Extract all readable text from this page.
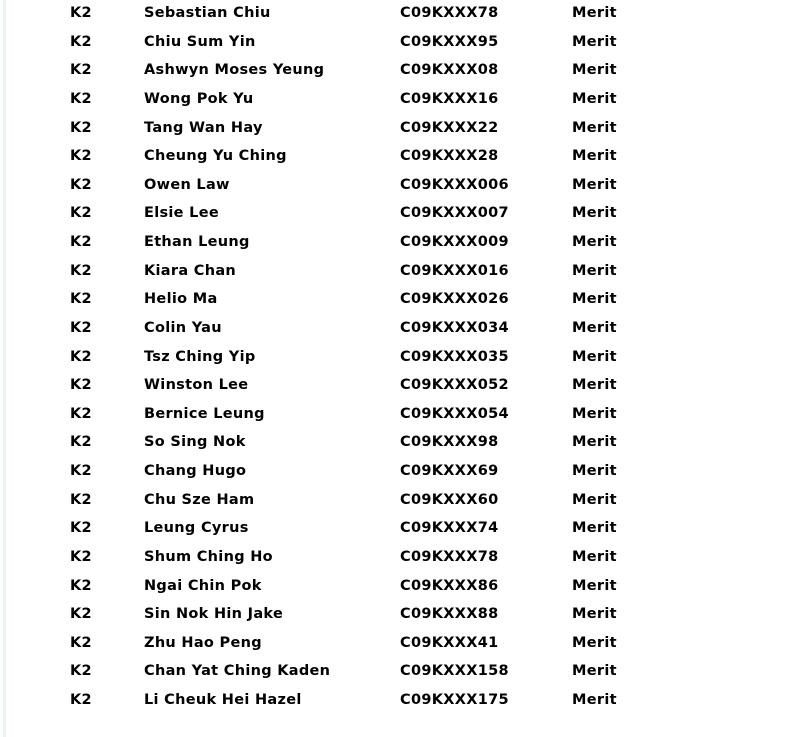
K2	Sebastian Chiu	C09KXXX78	Merit
K2	Chiu Sum Yin	C09KXXX95	Merit
K2	Ashwyn Moses Yeung	C09KXXX08	Merit
K2	Wong Pok Yu	C09KXXX16	Merit
K2	Tang Wan Hay	C09KXXX22	Merit
K2	Cheung Yu Ching	C09KXXX28	Merit
K2	Owen Law	C09KXXX006	Merit
K2	Elsie Lee	C09KXXX007	Merit
K2	Ethan Leung	C09KXXX009	Merit
K2	Kiara Chan	C09KXXX016	Merit
K2	Helio Ma	C09KXXX026	Merit
K2	Colin Yau	C09KXXX034	Merit
K2	Tsz Ching Yip	C09KXXX035	Merit
K2	Winston Lee	C09KXXX052	Merit
K2	Bernice Leung	C09KXXX054	Merit
K2	So Sing Nok	C09KXXX98	Merit
K2	Chang Hugo	C09KXXX69	Merit
K2	Chu Sze Ham	C09KXXX60	Merit
K2	Leung Cyrus	C09KXXX74	Merit
K2	Shum Ching Ho	C09KXXX78	Merit
K2	Ngai Chin Pok	C09KXXX86	Merit
K2	Sin Nok Hin Jake	C09KXXX88	Merit
K2	Zhu Hao Peng	C09KXXX41	Merit
K2	Chan Yat Ching Kaden	C09KXXX158	Merit
K2	Li Cheuk Hei Hazel	C09KXXX175	Merit
